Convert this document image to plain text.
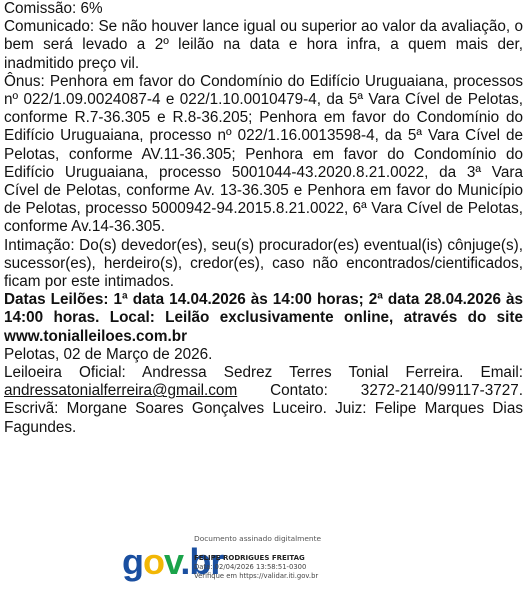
Comissão: 6%

Comunicado: Se não houver lance igual ou superior ao valor da avaliação, o bem será levado a 2º leilão na data e hora infra, a quem mais der, inadmitido preço vil.

Ônus: Penhora em favor do Condomínio do Edifício Uruguaiana, processos nº 022/1.09.0024087-4 e 022/1.10.0010479-4, da 5ª Vara Cível de Pelotas, conforme R.7-36.305 e R.8-36.205; Penhora em favor do Condomínio do Edifício Uruguaiana, processo nº 022/1.16.0013598-4, da 5ª Vara Cível de Pelotas, conforme AV.11-36.305; Penhora em favor do Condomínio do Edifício Uruguaiana, processo 5001044-43.2020.8.21.0022, da 3ª Vara Cível de Pelotas, conforme Av. 13-36.305 e Penhora em favor do Município de Pelotas, processo 5000942-94.2015.8.21.0022, 6ª Vara Cível de Pelotas, conforme Av.14-36.305.

Intimação: Do(s) devedor(es), seu(s) procurador(es) eventual(is) cônjuge(s), sucessor(es), herdeiro(s), credor(es), caso não encontrados/cientificados, ficam por este intimados.

Datas Leilões: 1ª data 14.04.2026 às 14:00 horas; 2ª data 28.04.2026 às 14:00 horas. Local: Leilão exclusivamente online, através do site www.tonialleiloes.com.br

Pelotas, 02 de Março de 2026.

Leiloeira Oficial: Andressa Sedrez Terres Tonial Ferreira. Email: andressatonialferreira@gmail.com Contato: 3272-2140/99117-3727. Escrivã: Morgane Soares Gonçalves Luceiro. Juiz: Felipe Marques Dias Fagundes.

gov.br
Documento assinado digitalmente
FELIPE RODRIGUES FREITAG
Data: 02/04/2026 13:58:51-0300
Verifique em https://validar.iti.gov.br
